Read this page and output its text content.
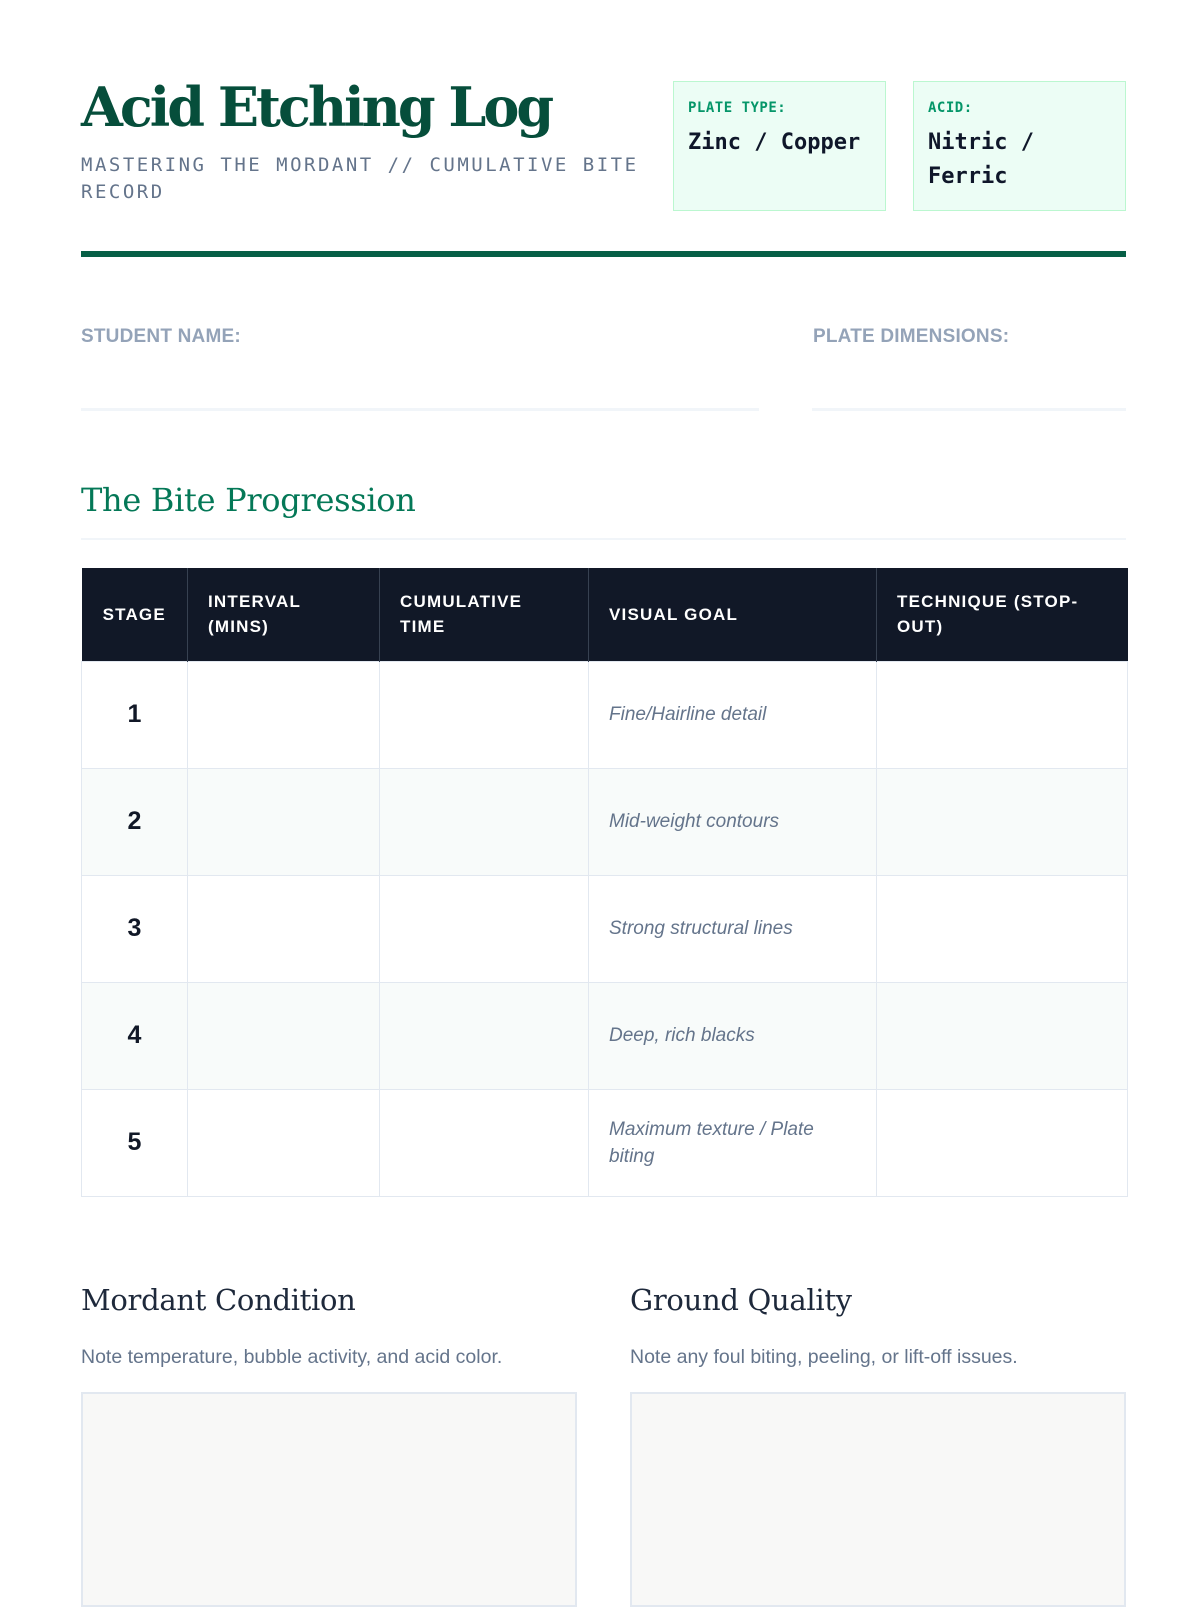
Acid Etching Log
MASTERING THE MORDANT // CUMULATIVE BITE RECORD
PLATE TYPE:
Zinc / Copper
ACID:
Nitric / Ferric
STUDENT NAME:	PLATE DIMENSIONS:
The Bite Progression
STAGE	INTERVAL (MINS)	CUMULATIVE TIME	VISUAL GOAL	TECHNIQUE (STOP-OUT)
1			Fine/Hairline detail	
2			Mid-weight contours	
3			Strong structural lines	
4			Deep, rich blacks	
5			Maximum texture / Plate biting	
Mordant Condition
Note temperature, bubble activity, and acid color.
Ground Quality
Note any foul biting, peeling, or lift-off issues.
